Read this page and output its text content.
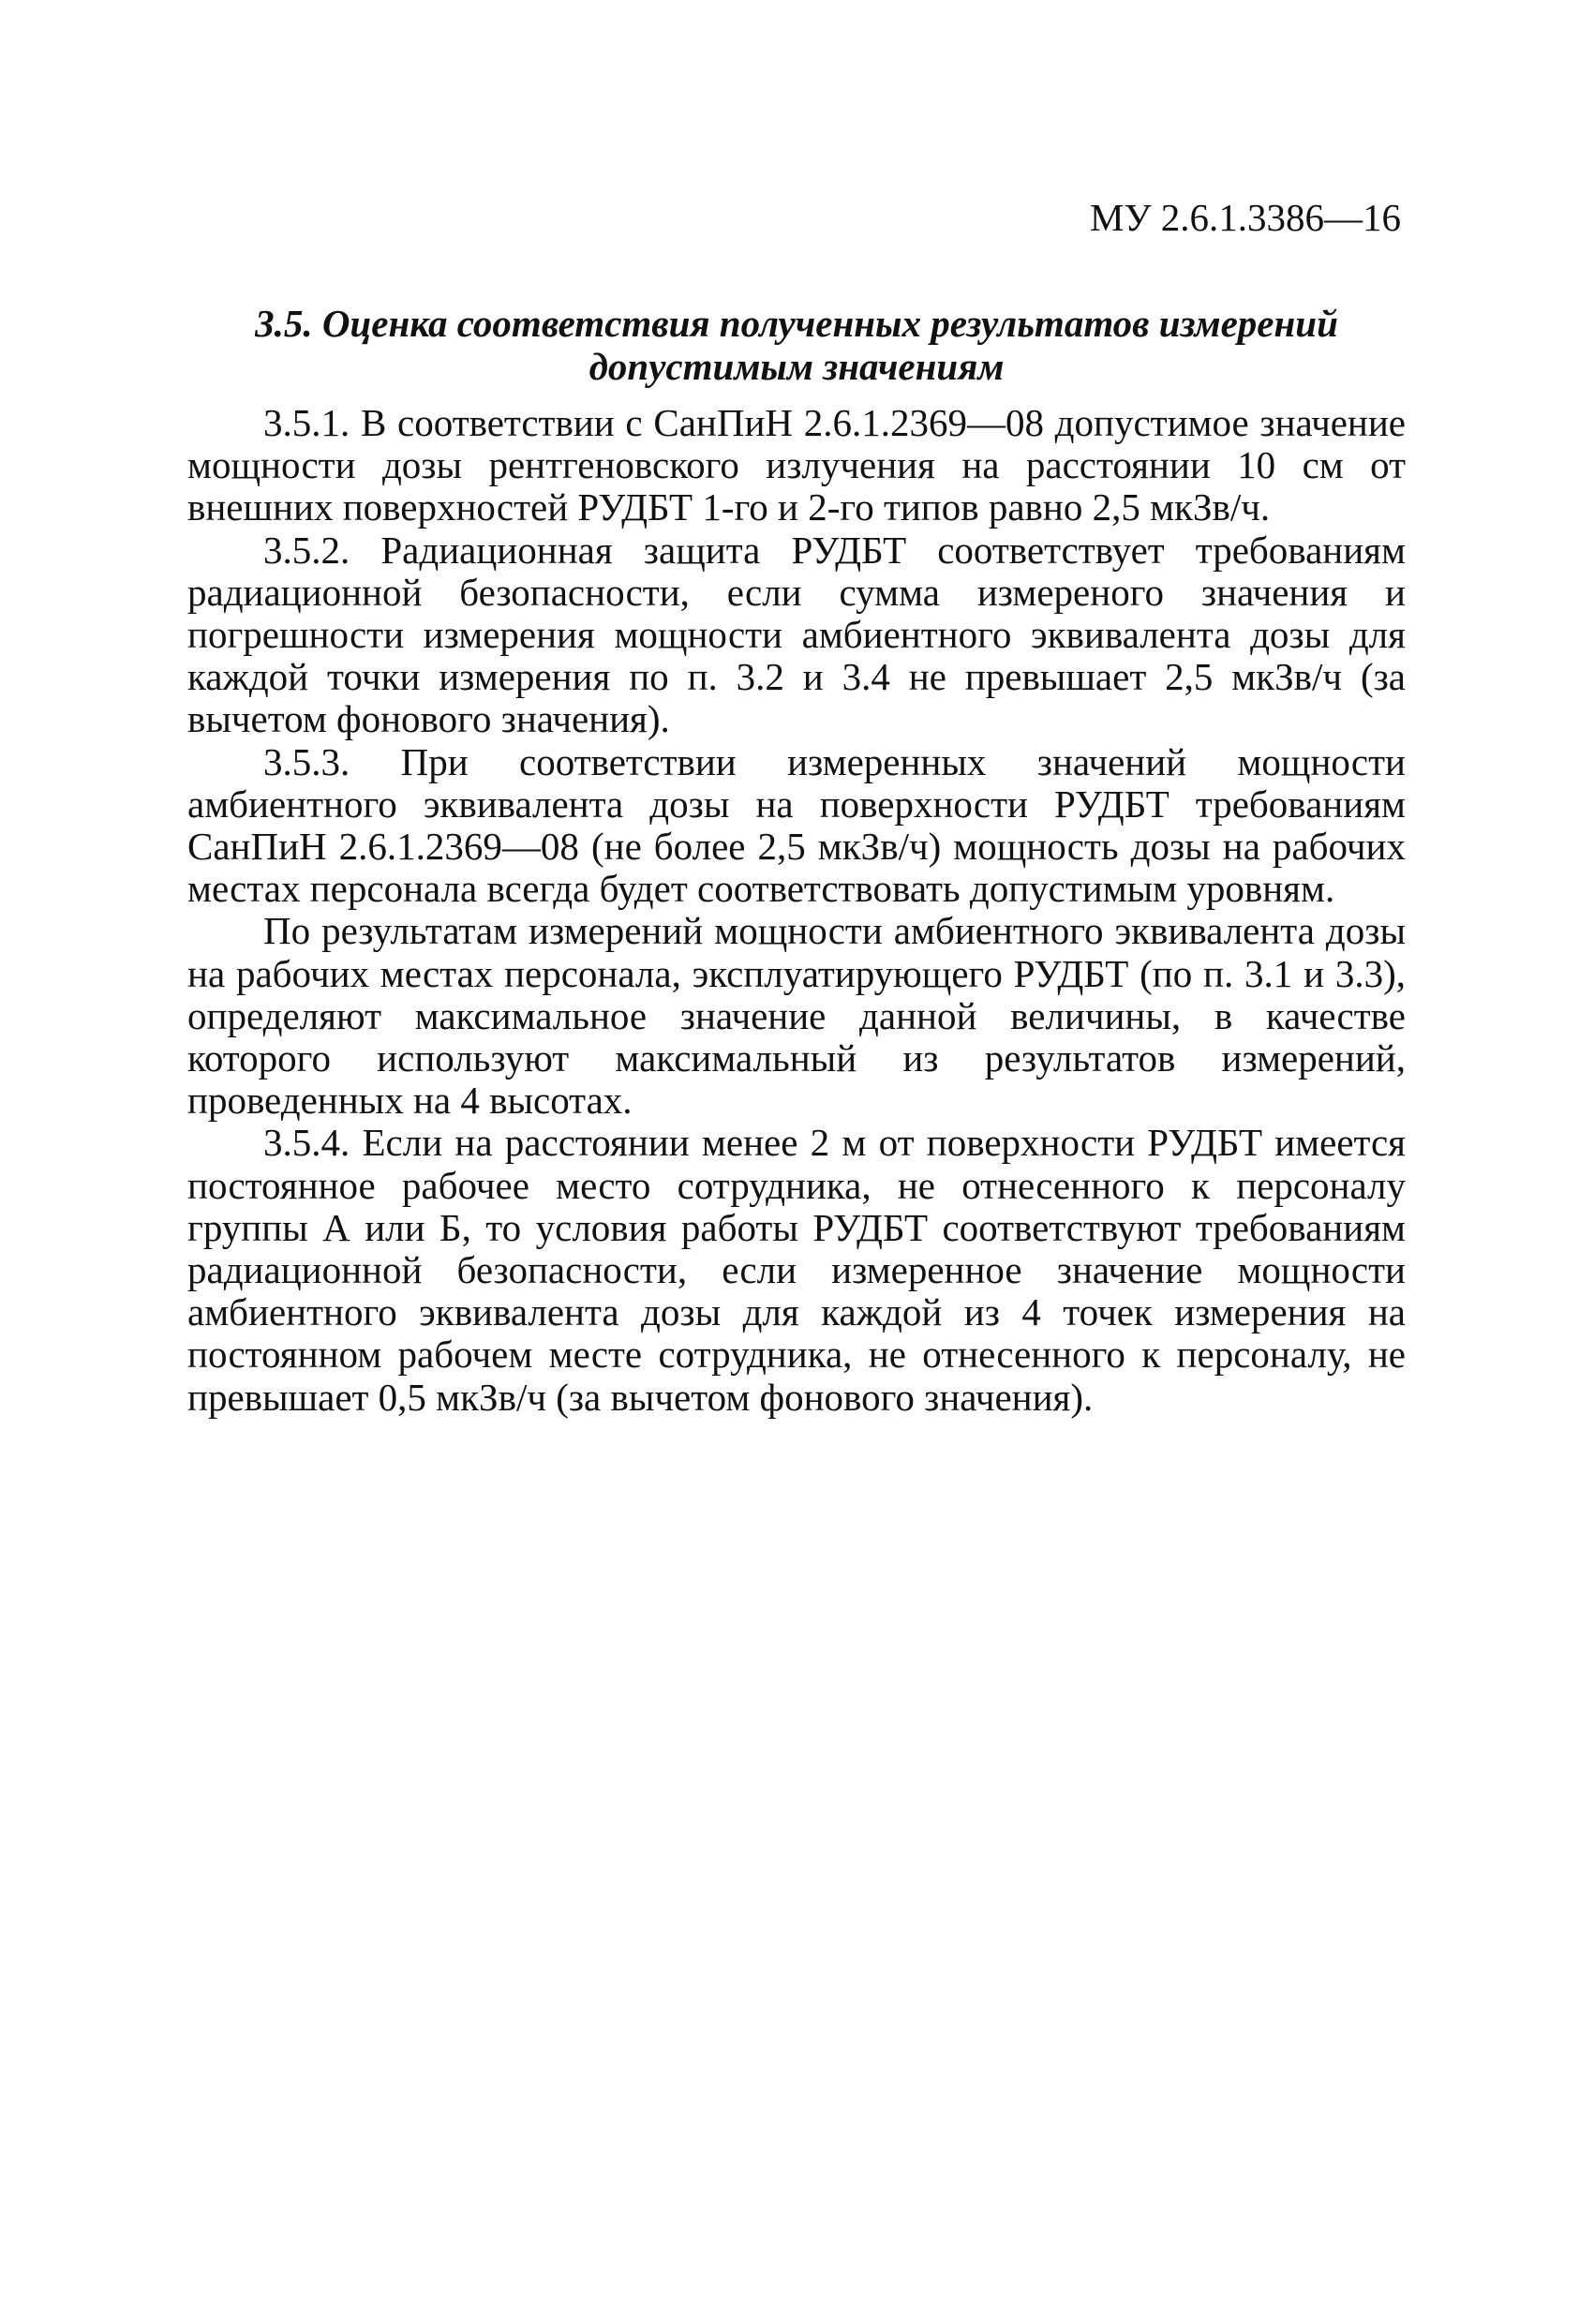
МУ 2.6.1.3386—16

3.5. Оценка соответствия полученных результатов измерений
допустимым значениям

3.5.1. В соответствии с СанПиН 2.6.1.2369—08 допустимое значение мощности дозы рентгеновского излучения на расстоянии 10 см от внешних поверхностей РУДБТ 1-го и 2-го типов равно 2,5 мкЗв/ч.

3.5.2. Радиационная защита РУДБТ соответствует требованиям радиационной безопасности, если сумма измереного значения и погрешности измерения мощности амбиентного эквивалента дозы для каждой точки измерения по п. 3.2 и 3.4 не превышает 2,5 мкЗв/ч (за вычетом фонового значения).

3.5.3. При соответствии измеренных значений мощности амбиентного эквивалента дозы на поверхности РУДБТ требованиям СанПиН 2.6.1.2369—08 (не более 2,5 мкЗв/ч) мощность дозы на рабочих местах персонала всегда будет соответствовать допустимым уровням.

По результатам измерений мощности амбиентного эквивалента дозы на рабочих местах персонала, эксплуатирующего РУДБТ (по п. 3.1 и 3.3), определяют максимальное значение данной величины, в качестве которого используют максимальный из результатов измерений, проведенных на 4 высотах.

3.5.4. Если на расстоянии менее 2 м от поверхности РУДБТ имеется постоянное рабочее место сотрудника, не отнесенного к персоналу группы А или Б, то условия работы РУДБТ соответствуют требованиям радиационной безопасности, если измеренное значение мощности амбиентного эквивалента дозы для каждой из 4 точек измерения на постоянном рабочем месте сотрудника, не отнесенного к персоналу, не превышает 0,5 мкЗв/ч (за вычетом фонового значения).
